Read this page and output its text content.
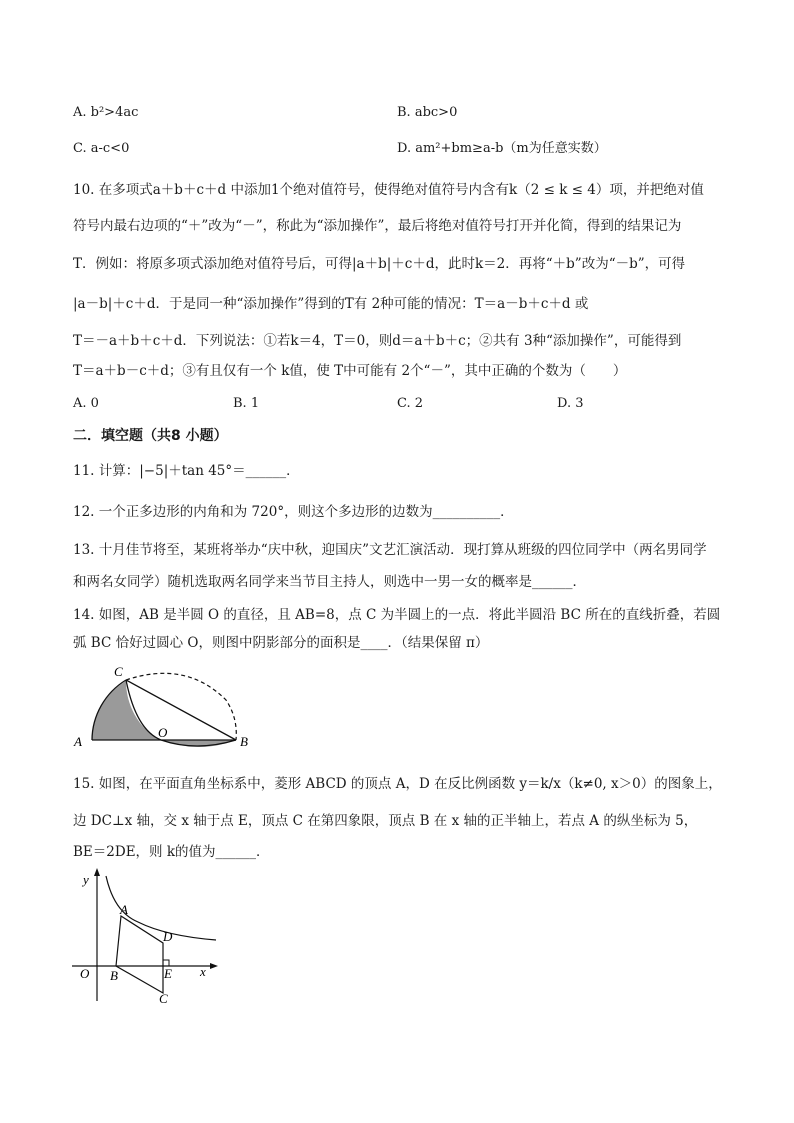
A. b²>4ac	B. abc>0
C. a-c<0	D. am²+bm≥a-b（m为任意实数）
10. 在多项式a＋b＋c＋d 中添加1个绝对值符号，使得绝对值符号内含有k（2 ≤ k ≤ 4）项，并把绝对值
符号内最右边项的“＋”改为“－”，称此为“添加操作”，最后将绝对值符号打开并化简，得到的结果记为
T．例如：将原多项式添加绝对值符号后，可得|a＋b|＋c＋d，此时k＝2．再将“＋b”改为“－b”，可得
|a－b|＋c＋d．于是同一种“添加操作”得到的T有 2种可能的情况：T＝a－b＋c＋d 或
T＝－a＋b＋c＋d．下列说法：①若k＝4，T＝0，则d＝a＋b＋c；②共有 3种“添加操作”，可能得到
T＝a＋b－c＋d；③有且仅有一个 k值，使 T中可能有 2个“－”，其中正确的个数为（　　）
A. 0	B. 1	C. 2	D. 3
二．填空题（共8 小题）
11. 计算：|−5|＋tan 45°＝______．
12. 一个正多边形的内角和为 720°，则这个多边形的边数为__________．
13. 十月佳节将至，某班将举办“庆中秋，迎国庆”文艺汇演活动．现打算从班级的四位同学中（两名男同学
和两名女同学）随机选取两名同学来当节目主持人，则选中一男一女的概率是______．
14. 如图，AB 是半圆 O 的直径，且 AB=8，点 C 为半圆上的一点．将此半圆沿 BC 所在的直线折叠，若圆
弧 BC 恰好过圆心 O，则图中阴影部分的面积是____．（结果保留 π）
A
C
O
B
15. 如图，在平面直角坐标系中，菱形 ABCD 的顶点 A，D 在反比例函数 y＝k/x（k≠0, x＞0）的图象上，
边 DC⊥x 轴，交 x 轴于点 E，顶点 C 在第四象限，顶点 B 在 x 轴的正半轴上，若点 A 的纵坐标为 5，
BE＝2DE，则 k的值为______．
y
x
O
A
B
D
E
C
